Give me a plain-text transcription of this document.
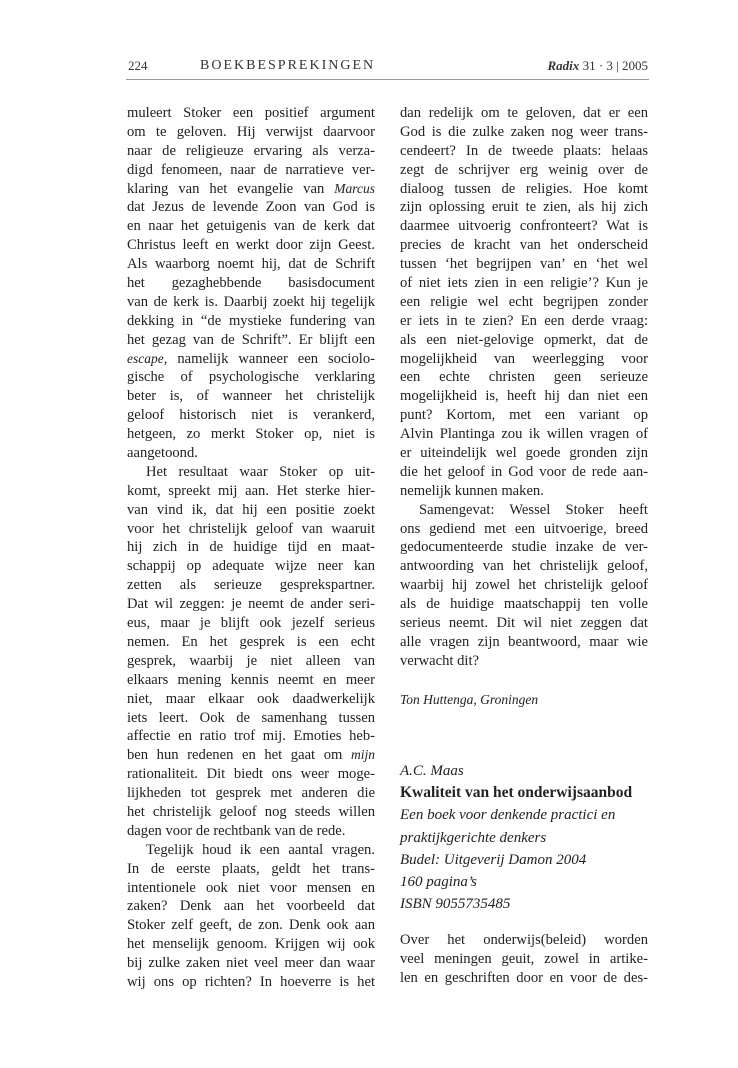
224	BOEKBESPREKINGEN	Radix 31 · 3 | 2005
muleert Stoker een positief argument
om te geloven. Hij verwijst daarvoor
naar de religieuze ervaring als verza-
digd fenomeen, naar de narratieve ver-
klaring van het evangelie van Marcus
dat Jezus de levende Zoon van God is
en naar het getuigenis van de kerk dat
Christus leeft en werkt door zijn Geest.
Als waarborg noemt hij, dat de Schrift
het gezaghebbende basisdocument
van de kerk is. Daarbij zoekt hij tegelijk
dekking in “de mystieke fundering van
het gezag van de Schrift”. Er blijft een
escape, namelijk wanneer een sociolo-
gische of psychologische verklaring
beter is, of wanneer het christelijk
geloof historisch niet is verankerd,
hetgeen, zo merkt Stoker op, niet is
aangetoond.
Het resultaat waar Stoker op uit-
komt, spreekt mij aan. Het sterke hier-
van vind ik, dat hij een positie zoekt
voor het christelijk geloof van waaruit
hij zich in de huidige tijd en maat-
schappij op adequate wijze neer kan
zetten als serieuze gesprekspartner.
Dat wil zeggen: je neemt de ander seri-
eus, maar je blijft ook jezelf serieus
nemen. En het gesprek is een echt
gesprek, waarbij je niet alleen van
elkaars mening kennis neemt en meer
niet, maar elkaar ook daadwerkelijk
iets leert. Ook de samenhang tussen
affectie en ratio trof mij. Emoties heb-
ben hun redenen en het gaat om mijn
rationaliteit. Dit biedt ons weer moge-
lijkheden tot gesprek met anderen die
het christelijk geloof nog steeds willen
dagen voor de rechtbank van de rede.
Tegelijk houd ik een aantal vragen.
In de eerste plaats, geldt het trans-
intentionele ook niet voor mensen en
zaken? Denk aan het voorbeeld dat
Stoker zelf geeft, de zon. Denk ook aan
het menselijk genoom. Krijgen wij ook
bij zulke zaken niet veel meer dan waar
wij ons op richten? In hoeverre is het
dan redelijk om te geloven, dat er een
God is die zulke zaken nog weer trans-
cendeert? In de tweede plaats: helaas
zegt de schrijver erg weinig over de
dialoog tussen de religies. Hoe komt
zijn oplossing eruit te zien, als hij zich
daarmee uitvoerig confronteert? Wat is
precies de kracht van het onderscheid
tussen ‘het begrijpen van’ en ‘het wel
of niet iets zien in een religie’? Kun je
een religie wel echt begrijpen zonder
er iets in te zien? En een derde vraag:
als een niet-gelovige opmerkt, dat de
mogelijkheid van weerlegging voor
een echte christen geen serieuze
mogelijkheid is, heeft hij dan niet een
punt? Kortom, met een variant op
Alvin Plantinga zou ik willen vragen of
er uiteindelijk wel goede gronden zijn
die het geloof in God voor de rede aan-
nemelijk kunnen maken.
Samengevat: Wessel Stoker heeft
ons gediend met een uitvoerige, breed
gedocumenteerde studie inzake de ver-
antwoording van het christelijk geloof,
waarbij hij zowel het christelijk geloof
als de huidige maatschappij ten volle
serieus neemt. Dit wil niet zeggen dat
alle vragen zijn beantwoord, maar wie
verwacht dit?
Ton Huttenga, Groningen
A.C. Maas
Kwaliteit van het onderwijsaanbod
Een boek voor denkende practici en
praktijkgerichte denkers
Budel: Uitgeverij Damon 2004
160 pagina’s
ISBN 9055735485
Over het onderwijs(beleid) worden
veel meningen geuit, zowel in artike-
len en geschriften door en voor de des-
